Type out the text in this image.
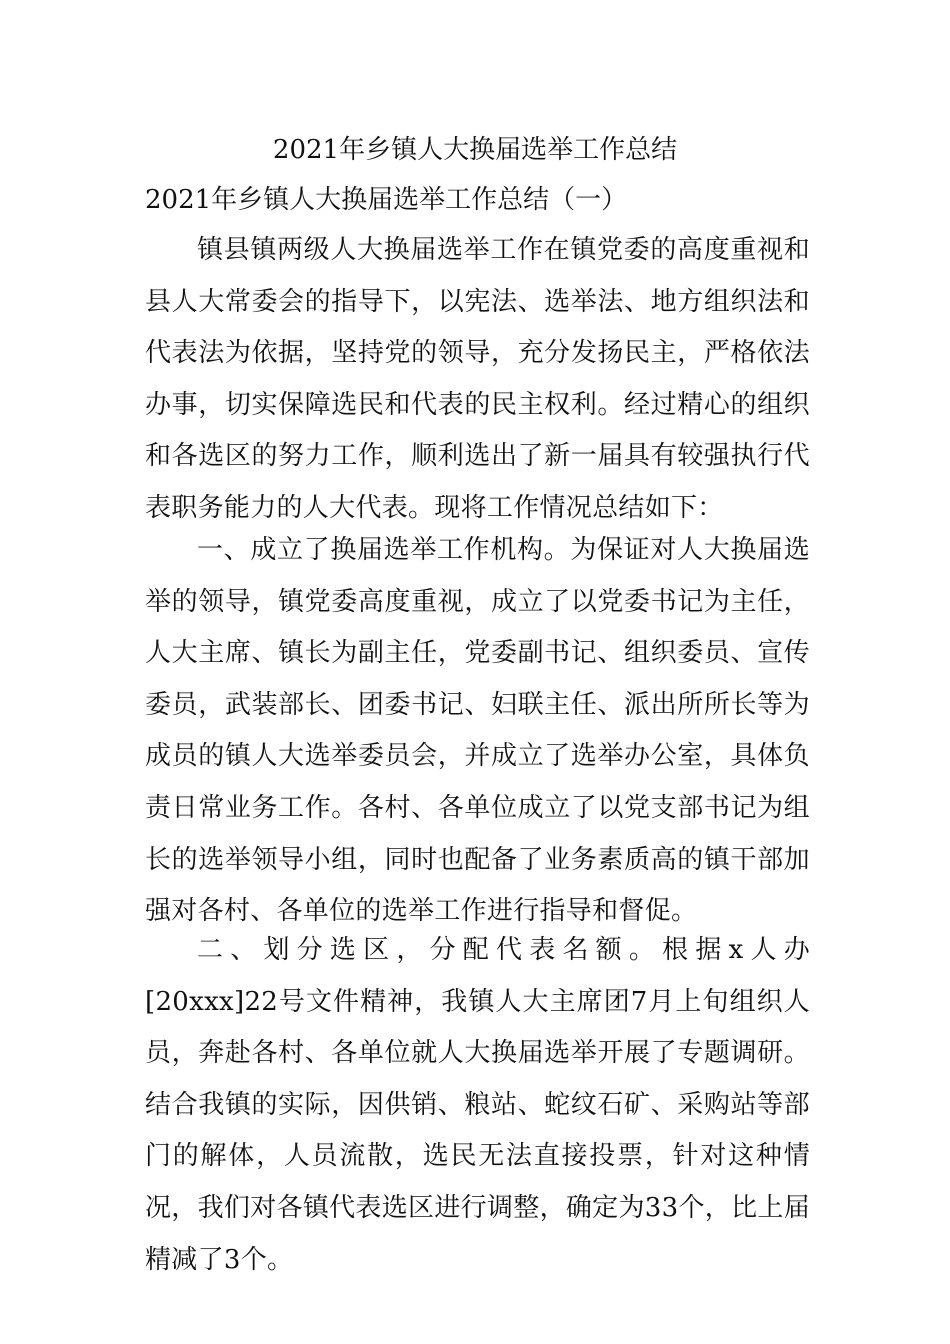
2021年乡镇人大换届选举工作总结
2021年乡镇人大换届选举工作总结（一）

镇县镇两级人大换届选举工作在镇党委的高度重视和县人大常委会的指导下，以宪法、选举法、地方组织法和代表法为依据，坚持党的领导，充分发扬民主，严格依法办事，切实保障选民和代表的民主权利。经过精心的组织和各选区的努力工作，顺利选出了新一届具有较强执行代表职务能力的人大代表。现将工作情况总结如下：

一、成立了换届选举工作机构。为保证对人大换届选举的领导，镇党委高度重视，成立了以党委书记为主任，人大主席、镇长为副主任，党委副书记、组织委员、宣传委员，武装部长、团委书记、妇联主任、派出所所长等为成员的镇人大选举委员会，并成立了选举办公室，具体负责日常业务工作。各村、各单位成立了以党支部书记为组长的选举领导小组，同时也配备了业务素质高的镇干部加强对各村、各单位的选举工作进行指导和督促。

二、划分选区，分配代表名额。根据x人办[20xxx]22号文件精神，我镇人大主席团7月上旬组织人员，奔赴各村、各单位就人大换届选举开展了专题调研。结合我镇的实际，因供销、粮站、蛇纹石矿、采购站等部门的解体，人员流散，选民无法直接投票，针对这种情况，我们对各镇代表选区进行调整，确定为33个，比上届精减了3个。
